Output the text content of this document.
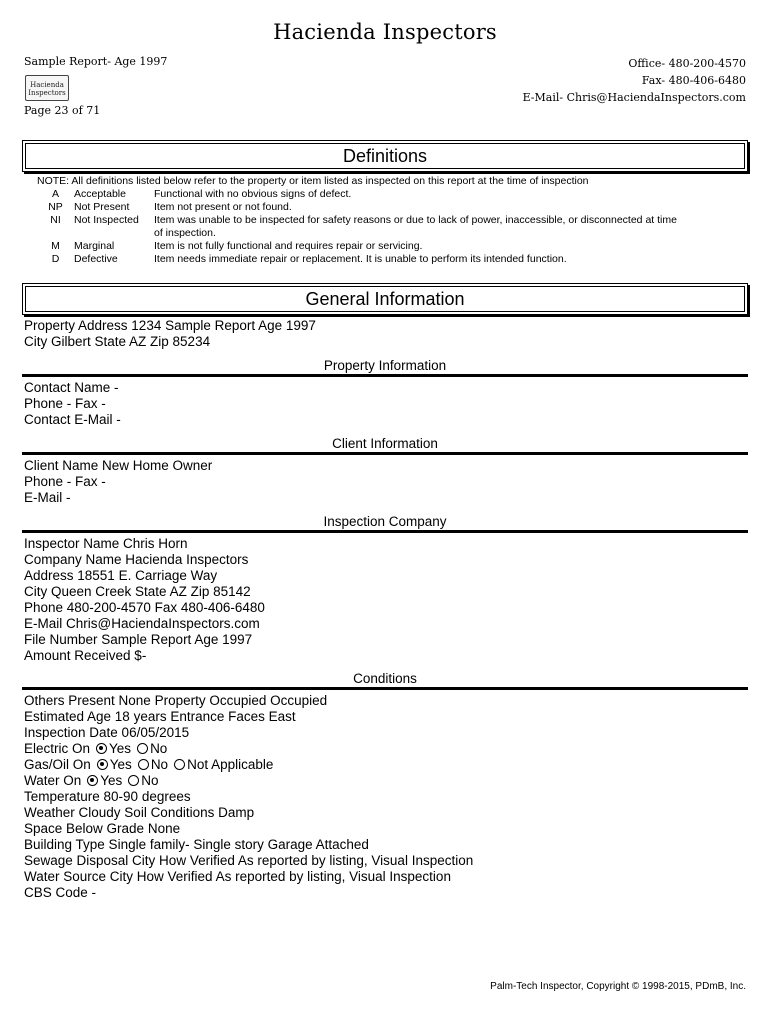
Hacienda Inspectors
Sample Report- Age 1997
Hacienda
Inspectors
Page 23 of 71
Office- 480-200-4570
Fax- 480-406-6480
E-Mail- Chris@HaciendaInspectors.com
Definitions
NOTE: All definitions listed below refer to the property or item listed as inspected on this report at the time of inspection
A	Acceptable	Functional with no obvious signs of defect.
NP	Not Present	Item not present or not found.
NI	Not Inspected	Item was unable to be inspected for safety reasons or due to lack of power, inaccessible, or disconnected at time
of inspection.
M	Marginal	Item is not fully functional and requires repair or servicing.
D	Defective	Item needs immediate repair or replacement. It is unable to perform its intended function.
General Information
Property Address 1234 Sample Report Age 1997
City Gilbert State AZ Zip 85234
Property Information
Contact Name -
Phone - Fax -
Contact E-Mail -
Client Information
Client Name New Home Owner
Phone - Fax -
E-Mail -
Inspection Company
Inspector Name Chris Horn
Company Name Hacienda Inspectors
Address 18551 E. Carriage Way
City Queen Creek State AZ Zip 85142
Phone 480-200-4570 Fax 480-406-6480
E-Mail Chris@HaciendaInspectors.com
File Number Sample Report Age 1997
Amount Received $-
Conditions
Others Present None Property Occupied Occupied
Estimated Age 18 years Entrance Faces East
Inspection Date 06/05/2015
Electric On Yes No
Gas/Oil On Yes No Not Applicable
Water On Yes No
Temperature 80-90 degrees
Weather Cloudy Soil Conditions Damp
Space Below Grade None
Building Type Single family- Single story Garage Attached
Sewage Disposal City How Verified As reported by listing, Visual Inspection
Water Source City How Verified As reported by listing, Visual Inspection
CBS Code -
Palm-Tech Inspector, Copyright © 1998-2015, PDmB, Inc.
